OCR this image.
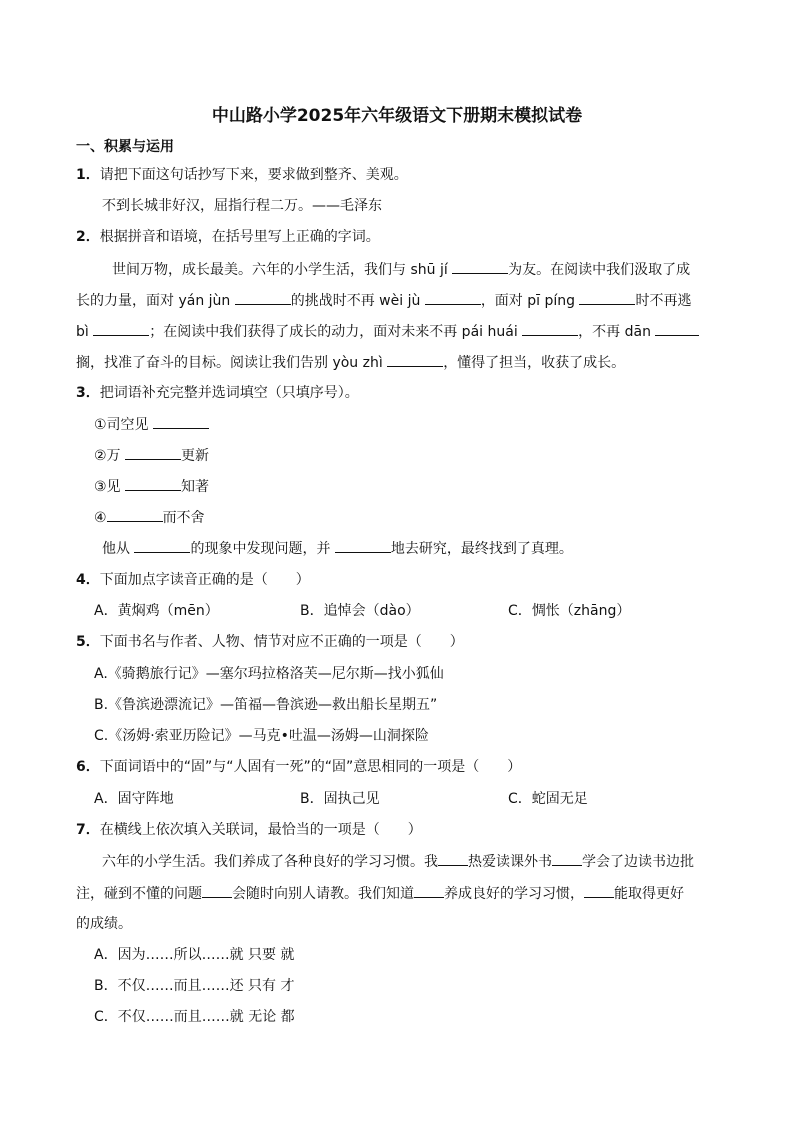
中山路小学2025年六年级语文下册期末模拟试卷
一、积累与运用
1．请把下面这句话抄写下来，要求做到整齐、美观。
不到长城非好汉，屈指行程二万。——毛泽东
2．根据拼音和语境，在括号里写上正确的字词。
世间万物，成长最美。六年的小学生活，我们与 shū jí	为友。在阅读中我们汲取了成
长的力量，面对 yán jùn	的挑战时不再 wèi jù	，面对 pī píng	时不再逃
bì	；在阅读中我们获得了成长的动力，面对未来不再 pái huái	，不再 dān
搁，找准了奋斗的目标。阅读让我们告别 yòu zhì	，懂得了担当，收获了成长。
3．把词语补充完整并选词填空（只填序号）。
①司空见
②万	更新
③见	知著
④	而不舍
他从	的现象中发现问题，并	地去研究，最终找到了真理。
4．下面加点字读音正确的是（　　）
A．黄焖鸡（mēn）	B．追悼会（dào）	C．惆怅（zhāng）
5．下面书名与作者、人物、情节对应不正确的一项是（　　）
A.《骑鹅旅行记》—塞尔玛拉格洛芙—尼尔斯—找小狐仙
B.《鲁滨逊漂流记》—笛福—鲁滨逊—救出船长星期五”
C.《汤姆·索亚历险记》—马克•吐温—汤姆—山洞探险
6．下面词语中的“固”与“人固有一死”的“固”意思相同的一项是（　　）
A．固守阵地	B．固执己见	C．蛇固无足
7．在横线上依次填入关联词，最恰当的一项是（　　）
六年的小学生活。我们养成了各种良好的学习习惯。我 热爱读课外书 学会了边读书边批
注，碰到不懂的问题 会随时向别人请教。我们知道 养成良好的学习习惯， 能取得更好
的成绩。
A．因为……所以……就 只要 就
B．不仅……而且……还 只有 才
C．不仅……而且……就 无论 都
